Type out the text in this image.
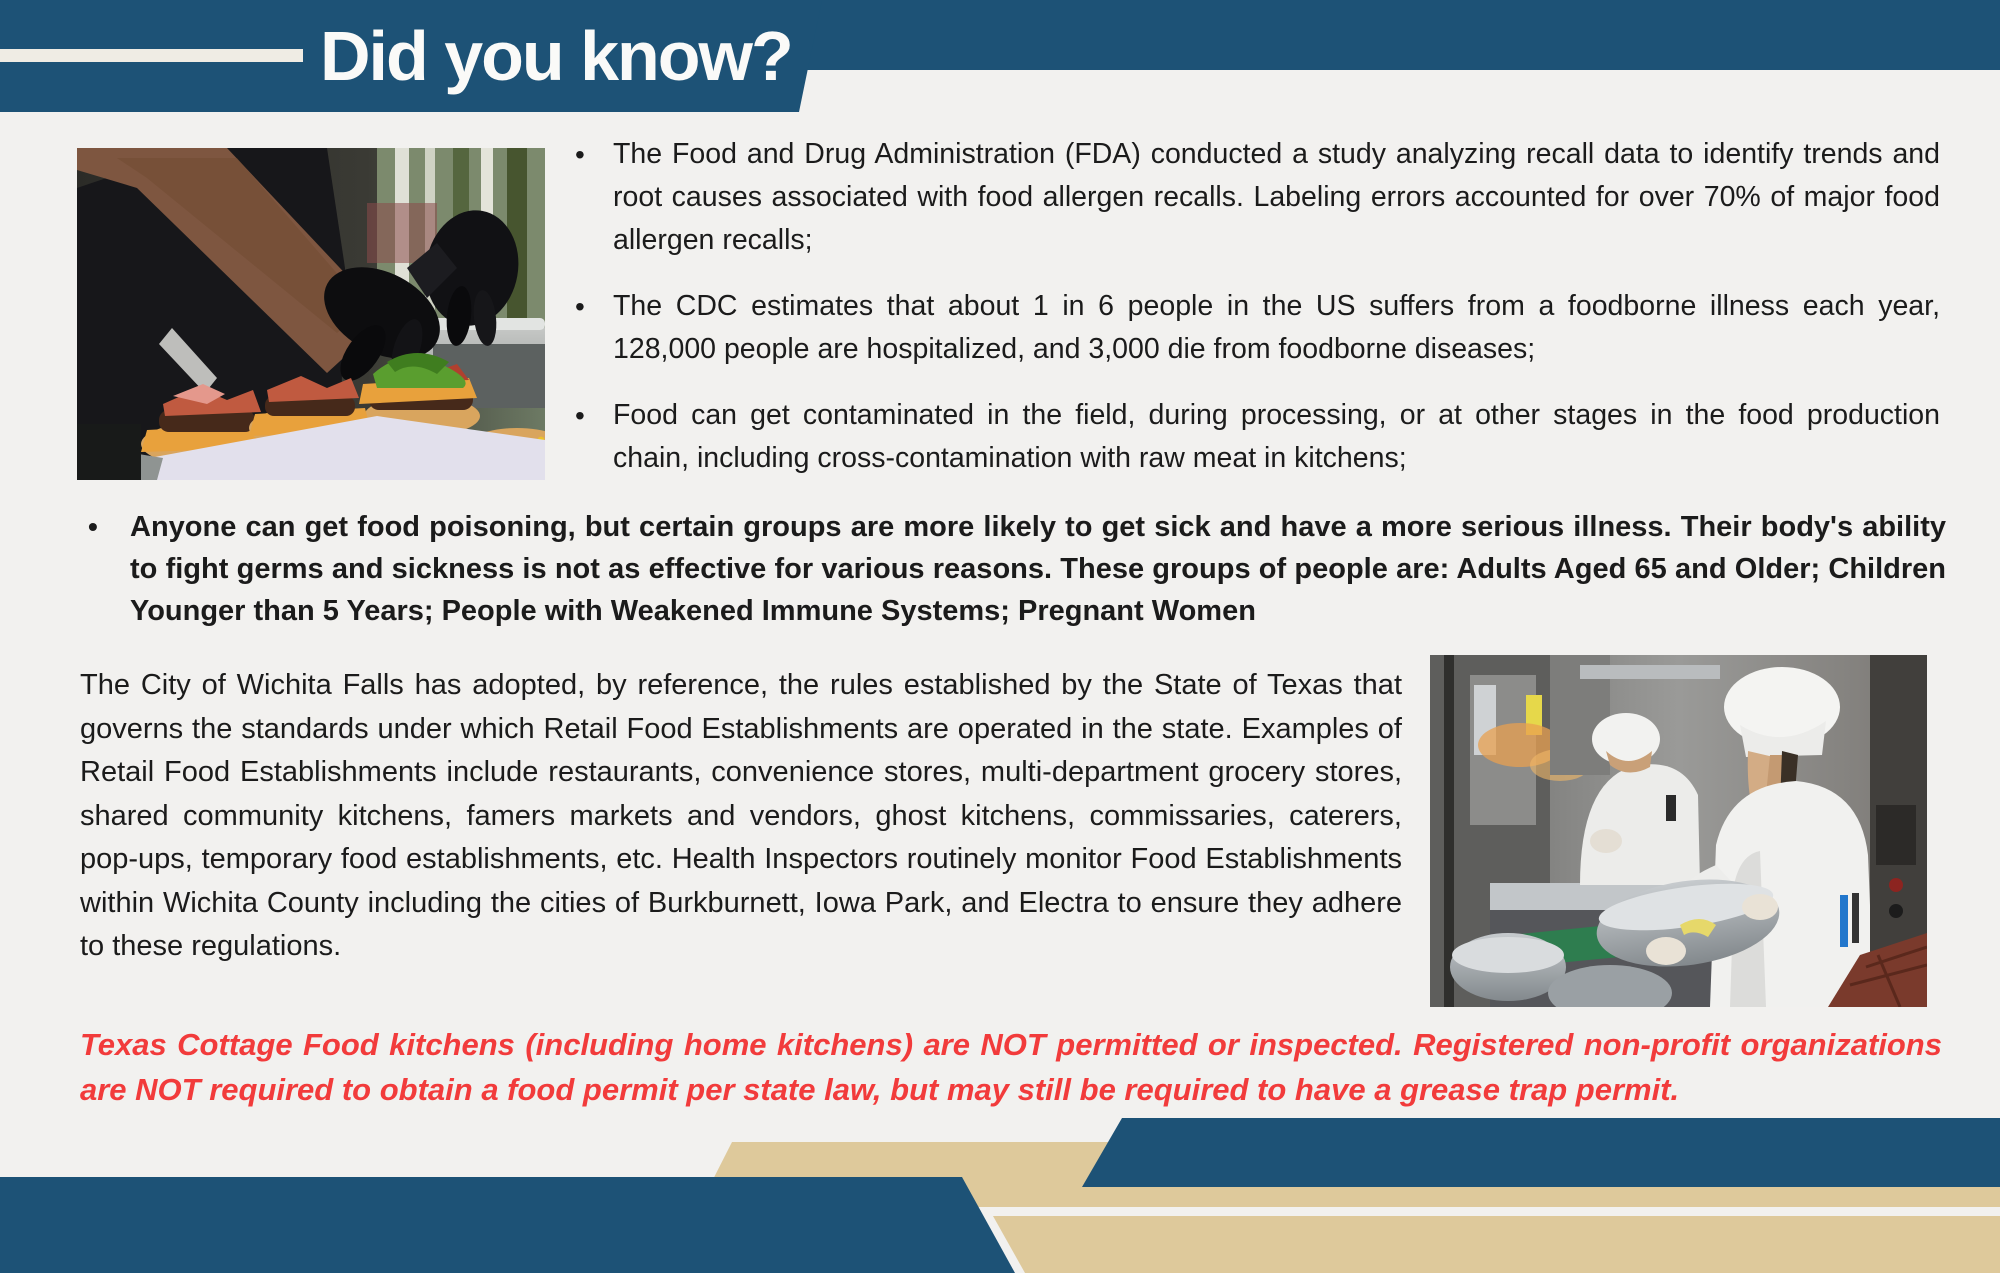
Did you know?
• The Food and Drug Administration (FDA) conducted a study analyzing recall data to identify trends and root causes associated with food allergen recalls. Labeling errors accounted for over 70% of major food allergen recalls;
• The CDC estimates that about 1 in 6 people in the US suffers from a foodborne illness each year, 128,000 people are hospitalized, and 3,000 die from foodborne diseases;
• Food can get contaminated in the field, during processing, or at other stages in the food production chain, including cross-contamination with raw meat in kitchens;
•	Anyone can get food poisoning, but certain groups are more likely to get sick and have a more serious illness. Their body's ability to fight germs and sickness is not as effective for various reasons. These groups of people are: Adults Aged 65 and Older; Children Younger than 5 Years; People with Weakened Immune Systems; Pregnant Women
The City of Wichita Falls has adopted, by reference, the rules established by the State of Texas that governs the standards under which Retail Food Establishments are operated in the state. Examples of Retail Food Establishments include restaurants, convenience stores, multi-department grocery stores, shared community kitchens, famers markets and vendors, ghost kitchens, commissaries, caterers, pop-ups, temporary food establishments, etc. Health Inspectors routinely monitor Food Establishments within Wichita County including the cities of Burkburnett, Iowa Park, and Electra to ensure they adhere to these regulations.
Texas Cottage Food kitchens (including home kitchens) are NOT permitted or inspected. Registered non-profit organizations are NOT required to obtain a food permit per state law, but may still be required to have a grease trap permit.
